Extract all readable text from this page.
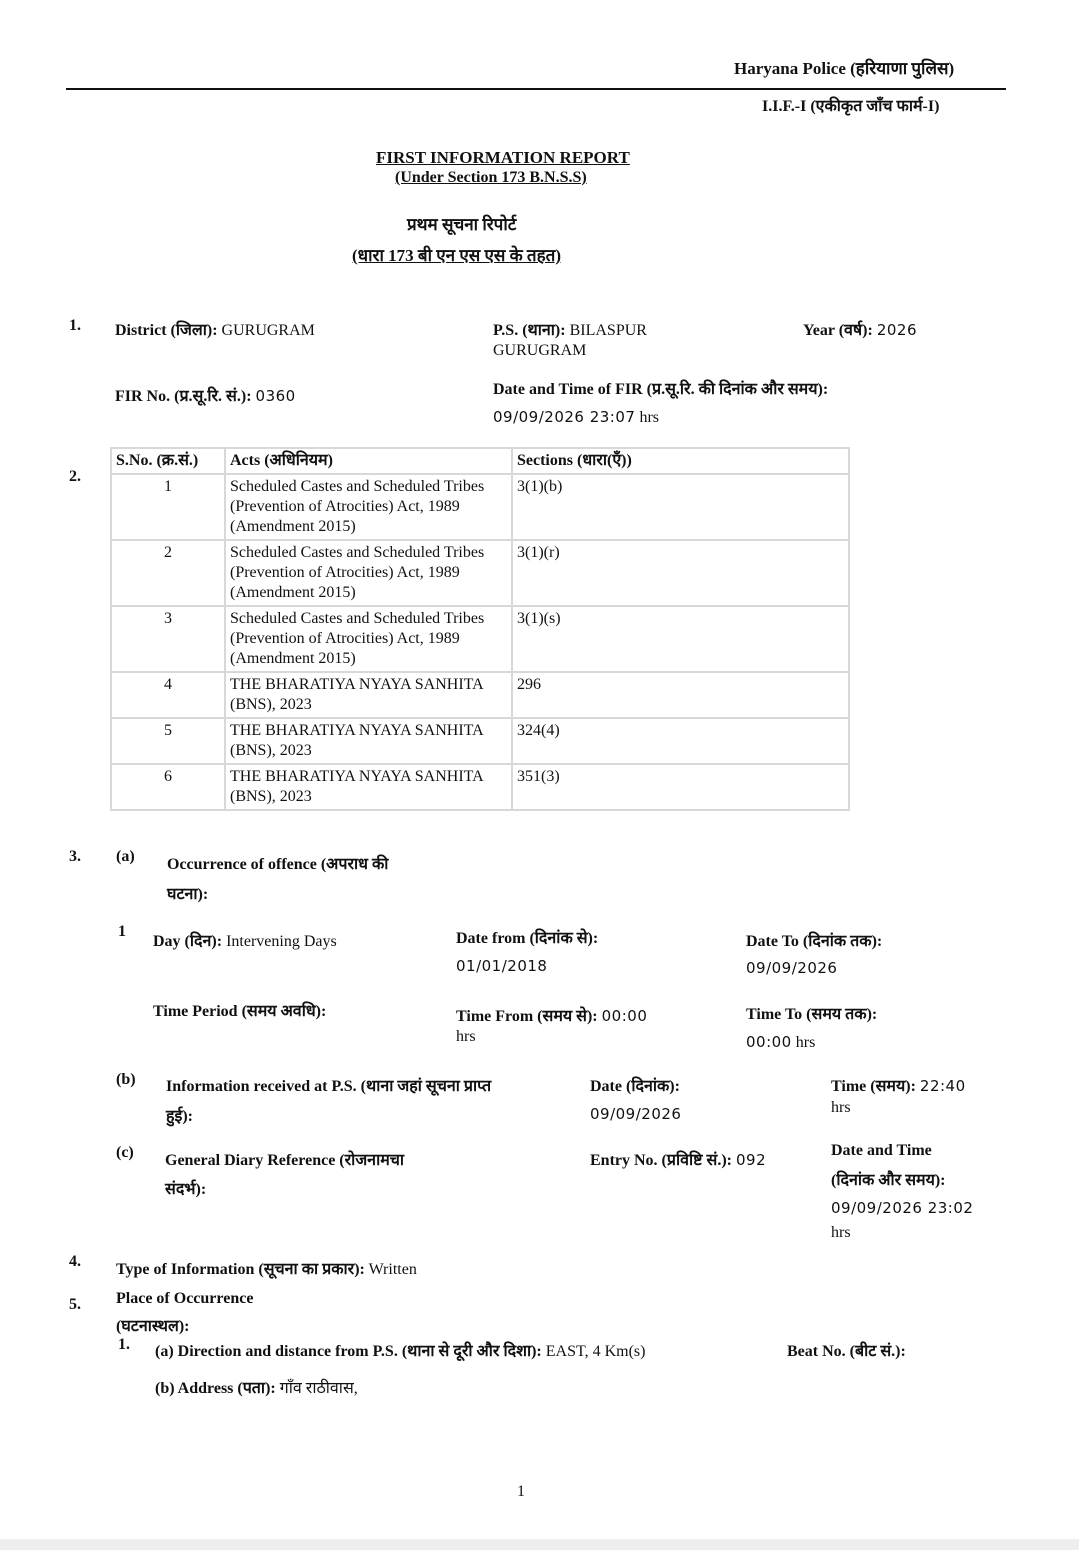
Haryana Police (हरियाणा पुलिस)
I.I.F.-I (एकीकृत जाँच फार्म-I)
FIRST INFORMATION REPORT
(Under Section 173 B.N.S.S)
प्रथम सूचना रिपोर्ट
(धारा 173 बी एन एस एस के तहत)
1. District (जिला): GURUGRAM	P.S. (थाना): BILASPUR
GURUGRAM
Year (वर्ष): 2026
FIR No. (प्र.सू.रि. सं.): 0360	Date and Time of FIR (प्र.सू.रि. की दिनांक और समय):
09/09/2026 23:07 hrs
2.
S.No. (क्र.सं.)	Acts (अधिनियम)	Sections (धारा(एँ))
1	Scheduled Castes and Scheduled Tribes (Prevention of Atrocities) Act, 1989 (Amendment 2015)	3(1)(b)
2	Scheduled Castes and Scheduled Tribes (Prevention of Atrocities) Act, 1989 (Amendment 2015)	3(1)(r)
3	Scheduled Castes and Scheduled Tribes (Prevention of Atrocities) Act, 1989 (Amendment 2015)	3(1)(s)
4	THE BHARATIYA NYAYA SANHITA (BNS), 2023	296
5	THE BHARATIYA NYAYA SANHITA (BNS), 2023	324(4)
6	THE BHARATIYA NYAYA SANHITA (BNS), 2023	351(3)
3. (a) Occurrence of offence (अपराध की
घटना):
1
Day (दिन): Intervening Days	Date from (दिनांक से):
01/01/2018
Date To (दिनांक तक):
09/09/2026
Time Period (समय अवधि):	Time From (समय से): 00:00
hrs
Time To (समय तक):
00:00 hrs
(b) Information received at P.S. (थाना जहां सूचना प्राप्त
हुई):
Date (दिनांक):
09/09/2026
Time (समय): 22:40
hrs
(c) General Diary Reference (रोजनामचा
संदर्भ):
Entry No. (प्रविष्टि सं.): 092
Date and Time
(दिनांक और समय):
09/09/2026 23:02
hrs
4. Type of Information (सूचना का प्रकार): Written
5. Place of Occurrence
(घटनास्थल):
1. (a) Direction and distance from P.S. (थाना से दूरी और दिशा): EAST, 4 Km(s)	Beat No. (बीट सं.):
(b) Address (पता): गाँव राठीवास,
1
